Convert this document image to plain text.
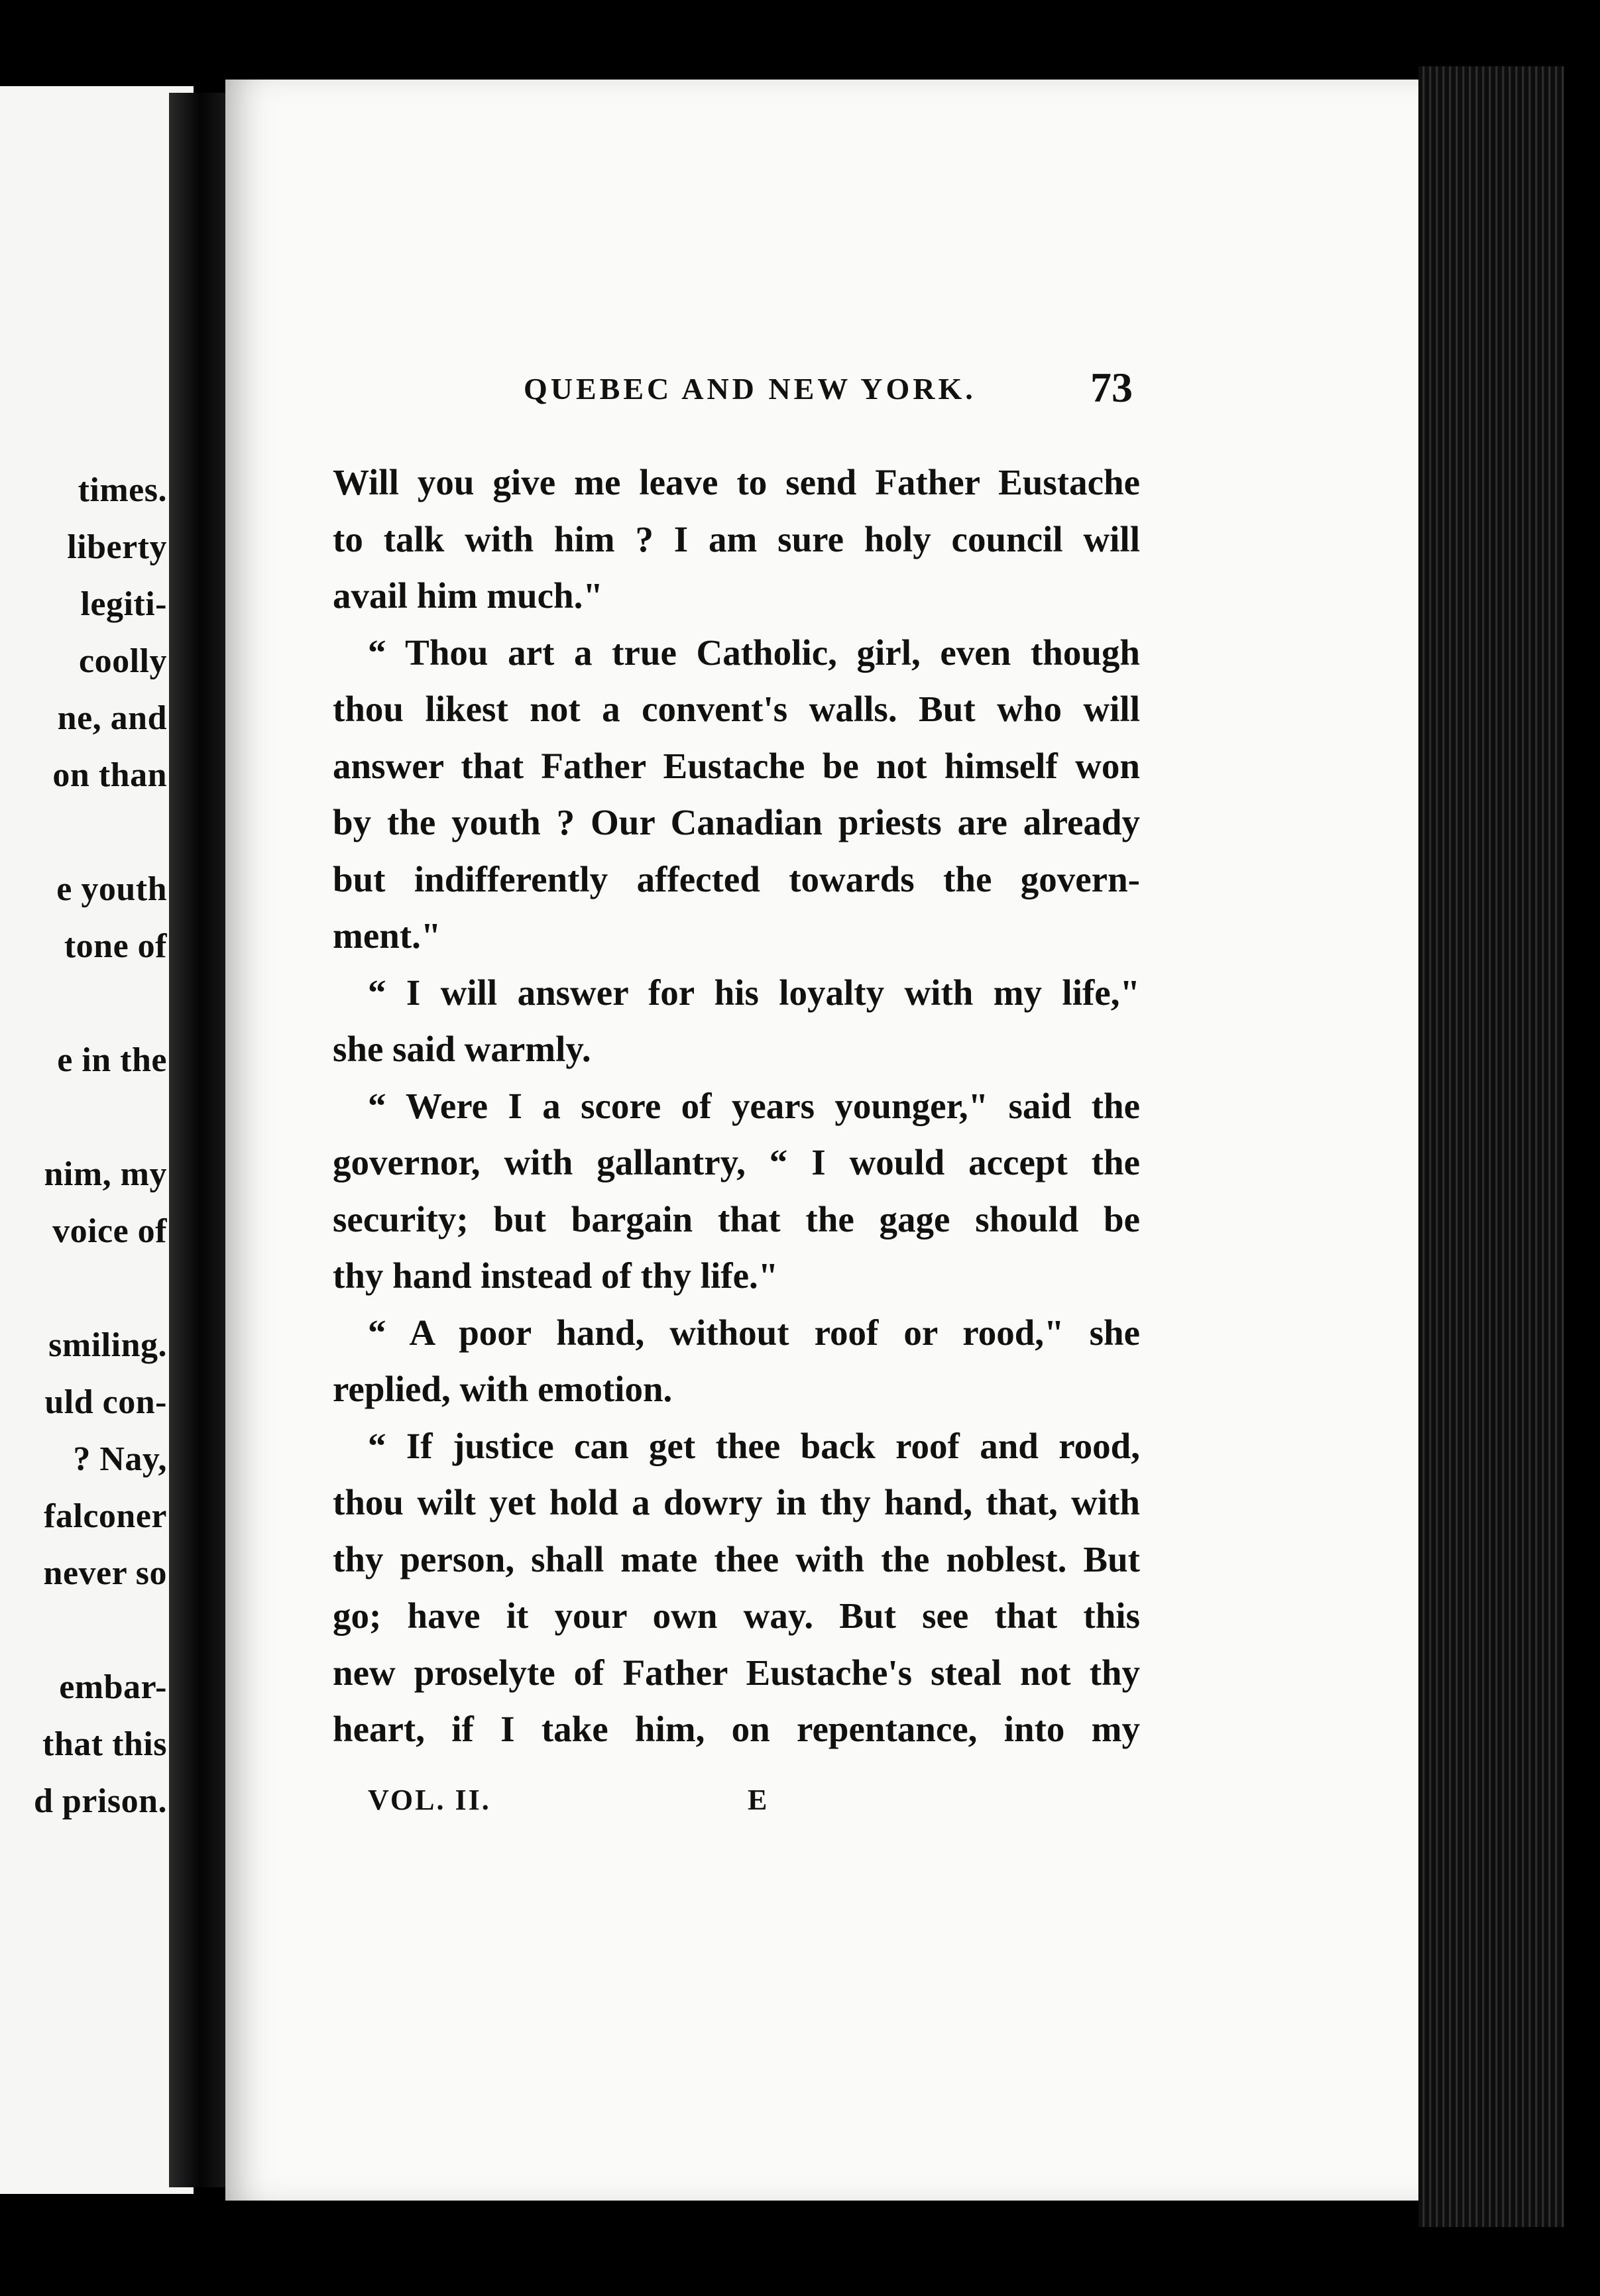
times.
liberty
legiti-
coolly
ne, and
on than
e youth
tone of
e in the
nim, my
voice of
smiling.
uld con-
? Nay,
falconer
never so
embar-
that this
d prison.
QUEBEC AND NEW YORK.	73
Will you give me leave to send Father Eustache
to talk with him ? I am sure holy council will
avail him much."
“ Thou art a true Catholic, girl, even though
thou likest not a convent's walls. But who will
answer that Father Eustache be not himself won
by the youth ? Our Canadian priests are already
but indifferently affected towards the govern-
ment."
“ I will answer for his loyalty with my life,"
she said warmly.
“ Were I a score of years younger," said the
governor, with gallantry, “ I would accept the
security; but bargain that the gage should be
thy hand instead of thy life."
“ A poor hand, without roof or rood," she
replied, with emotion.
“ If justice can get thee back roof and rood,
thou wilt yet hold a dowry in thy hand, that, with
thy person, shall mate thee with the noblest. But
go; have it your own way. But see that this
new proselyte of Father Eustache's steal not thy
heart, if I take him, on repentance, into my
VOL. II.	E
